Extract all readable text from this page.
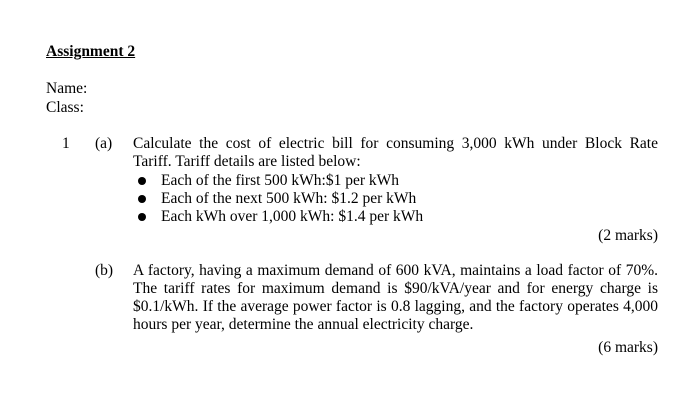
Assignment 2
Name:
Class:
1 (a) Calculate the cost of electric bill for consuming 3,000 kWh under Block Rate
Tariff. Tariff details are listed below:
Each of the first 500 kWh:$1 per kWh
Each of the next 500 kWh: $1.2 per kWh
Each kWh over 1,000 kWh: $1.4 per kWh
(2 marks)
(b) A factory, having a maximum demand of 600 kVA, maintains a load factor of 70%.
The tariff rates for maximum demand is $90/kVA/year and for energy charge is
$0.1/kWh. If the average power factor is 0.8 lagging, and the factory operates 4,000
hours per year, determine the annual electricity charge.
(6 marks)
